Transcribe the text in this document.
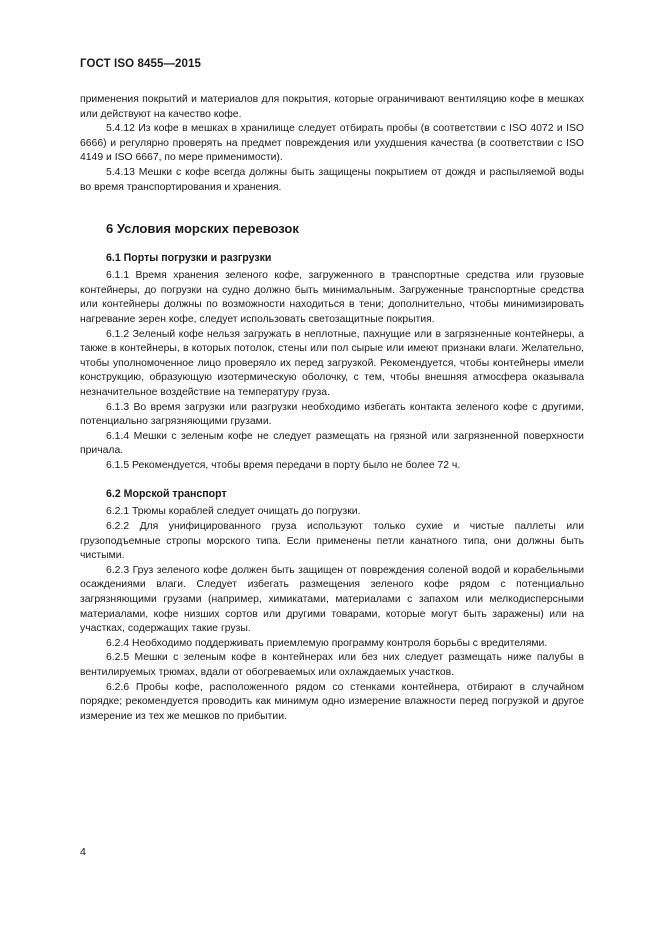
ГОСТ ISO 8455—2015

применения покрытий и материалов для покрытия, которые ограничивают вентиляцию кофе в мешках или действуют на качество кофе.

5.4.12 Из кофе в мешках в хранилище следует отбирать пробы (в соответствии с ISO 4072 и ISO 6666) и регулярно проверять на предмет повреждения или ухудшения качества (в соответствии с ISO 4149 и ISO 6667, по мере применимости).

5.4.13 Мешки с кофе всегда должны быть защищены покрытием от дождя и распыляемой воды во время транспортирования и хранения.

6 Условия морских перевозок
6.1 Порты погрузки и разгрузки

6.1.1 Время хранения зеленого кофе, загруженного в транспортные средства или грузовые контейнеры, до погрузки на судно должно быть минимальным. Загруженные транспортные средства или контейнеры должны по возможности находиться в тени; дополнительно, чтобы минимизировать нагревание зерен кофе, следует использовать светозащитные покрытия.

6.1.2 Зеленый кофе нельзя загружать в неплотные, пахнущие или в загрязненные контейнеры, а также в контейнеры, в которых потолок, стены или пол сырые или имеют признаки влаги. Желательно, чтобы уполномоченное лицо проверяло их перед загрузкой. Рекомендуется, чтобы контейнеры имели конструкцию, образующую изотермическую оболочку, с тем, чтобы внешняя атмосфера оказывала незначительное воздействие на температуру груза.

6.1.3 Во время загрузки или разгрузки необходимо избегать контакта зеленого кофе с другими, потенциально загрязняющими грузами.

6.1.4 Мешки с зеленым кофе не следует размещать на грязной или загрязненной поверхности причала.

6.1.5 Рекомендуется, чтобы время передачи в порту было не более 72 ч.

6.2 Морской транспорт

6.2.1 Трюмы кораблей следует очищать до погрузки.

6.2.2 Для унифицированного груза используют только сухие и чистые паллеты или грузоподъемные стропы морского типа. Если применены петли канатного типа, они должны быть чистыми.

6.2.3 Груз зеленого кофе должен быть защищен от повреждения соленой водой и корабельными осаждениями влаги. Следует избегать размещения зеленого кофе рядом с потенциально загрязняющими грузами (например, химикатами, материалами с запахом или мелкодисперсными материалами, кофе низших сортов или другими товарами, которые могут быть заражены) или на участках, содержащих такие грузы.

6.2.4 Необходимо поддерживать приемлемую программу контроля борьбы с вредителями.

6.2.5 Мешки с зеленым кофе в контейнерах или без них следует размещать ниже палубы в вентилируемых трюмах, вдали от обогреваемых или охлаждаемых участков.

6.2.6 Пробы кофе, расположенного рядом со стенками контейнера, отбирают в случайном порядке; рекомендуется проводить как минимум одно измерение влажности перед погрузкой и другое измерение из тех же мешков по прибытии.

4
